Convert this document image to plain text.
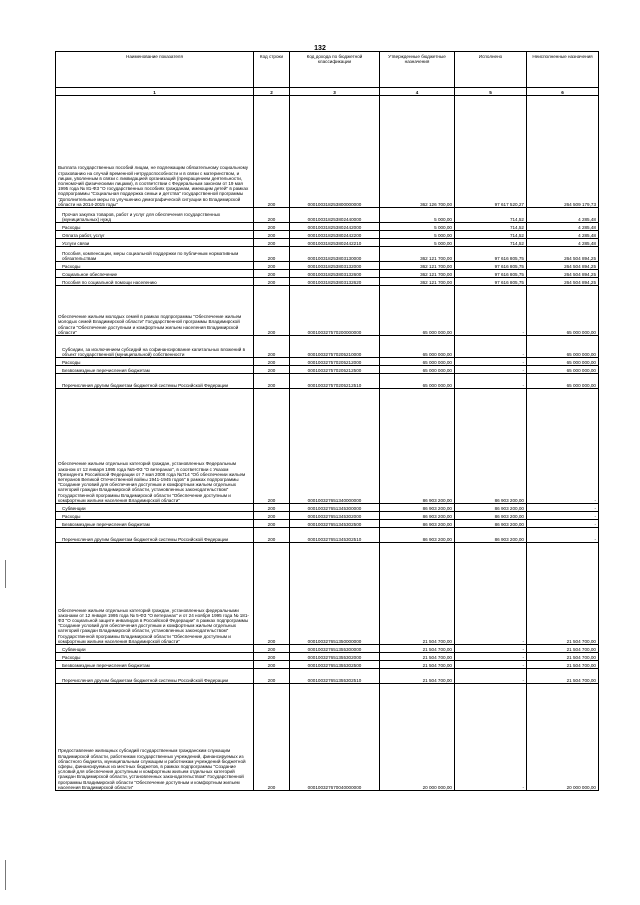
132
Наименование показателя	Код строки	Код дохода по бюджетной классификации	Утвержденные бюджетные назначения	Исполнено	Неисполненные назначения
1	2	3	4	5	6
Выплата государственных пособий лицам, не подлежащим обязательному социальному страхованию на случай временной нетрудоспособности и в связи с материнством, и лицам, уволенным в связи с ликвидацией организаций (прекращением деятельности, полномочий физическими лицами), в соответствии с Федеральным законом от 19 мая 1995 года № 81-ФЗ "О государственных пособиях гражданам, имеющим детей" в рамках подпрограммы "Социальная поддержка семьи и детства" государственной программы "Дополнительные меры по улучшению демографической ситуации во Владимирской области на 2014-2015 годы"	200	000100318253800000000	362 126 700,00	97 617 520,27	264 509 179,73
Прочая закупка товаров, работ и услуг для обеспечения государственных (муниципальных) нужд	200	000100318253802440000	5 000,00	714,52	4 285,48
Расходы	200	000100318253802442000	5 000,00	714,52	4 285,48
Оплата работ, услуг	200	000100318253802442200	5 000,00	714,52	4 285,48
Услуги связи	200	000100318253802442210	5 000,00	714,52	4 285,48
Пособия, компенсации, меры социальной поддержки по публичным нормативным обязательствам	200	000100318253803130000	362 121 700,00	97 616 805,75	264 504 894,25
Расходы	200	000100318253803132000	362 121 700,00	97 616 805,75	264 504 894,25
Социальное обеспечение	200	000100318253803132600	362 121 700,00	97 616 805,75	264 504 894,25
Пособия по социальной помощи населению	200	000100318253803132620	362 121 700,00	97 616 805,75	264 504 894,25
Обеспечение жильем молодых семей в рамках подпрограммы "Обеспечение жильем молодых семей Владимирской области" Государственной программы Владимирской области "Обеспечение доступным и комфортным жильем населения Владимирской области"	200	000100327570200000000	65 000 000,00	-	65 000 000,00
Субсидии, за исключением субсидий на софинансирование капитальных вложений в объект государственной (муниципальной) собственности	200	000100327570205210000	65 000 000,00	-	65 000 000,00
Расходы	200	000100327570205212000	65 000 000,00	-	65 000 000,00
Безвозмездные перечисления бюджетам	200	000100327570205212500	65 000 000,00	-	65 000 000,00
Перечисления другим бюджетам бюджетной системы Российской Федерации	200	000100327570205212510	65 000 000,00	-	65 000 000,00
Обеспечение жильем отдельных категорий граждан, установленных Федеральным законом от 12 января 1995 года №5-ФЗ "О ветеранах", в соответствии с Указом Президента Российской Федерации от 7 мая 2008 года №714 "Об обеспечении жильем ветеранов Великой Отечественной войны 1941-1945 годов" в рамках подпрограммы "Создание условий для обеспечения доступным и комфортным жильем отдельных категорий граждан Владимирской области, установленных законодательством" Государственной программы Владимирской области "Обеспечение доступным и комфортным жильем населения Владимирской области"	200	000100327651340000000	86 903 200,00	86 903 200,00	-
Субвенции	200	000100327651345300000	86 903 200,00	86 903 200,00	-
Расходы	200	000100327651345302000	86 903 200,00	86 903 200,00	-
Безвозмездные перечисления бюджетам	200	000100327651345302500	86 903 200,00	86 903 200,00	-
Перечисления другим бюджетам бюджетной системы Российской Федерации	200	000100327651345302510	86 903 200,00	86 903 200,00	-
Обеспечение жильем отдельных категорий граждан, установленных федеральными законами от 12 января 1995 года № 5-ФЗ "О ветеранах" и от 24 ноября 1995 года № 181-ФЗ "О социальной защите инвалидов в Российской Федерации" в рамках подпрограммы "Создание условий для обеспечения доступным и комфортным жильем отдельных категорий граждан Владимирской области, установленных законодательством" Государственной программы Владимирской области "Обеспечение доступным и комфортным жильем населения Владимирской области"	200	000100327651350000000	21 504 700,00	-	21 504 700,00
Субвенции	200	000100327651355300000	21 504 700,00	-	21 504 700,00
Расходы	200	000100327651355302000	21 504 700,00	-	21 504 700,00
Безвозмездные перечисления бюджетам	200	000100327651355302500	21 504 700,00	-	21 504 700,00
Перечисления другим бюджетам бюджетной системы Российской Федерации	200	000100327651355302510	21 504 700,00	-	21 504 700,00
Предоставление жилищных субсидий государственным гражданским служащим Владимирской области, работникам государственных учреждений, финансируемых из областного бюджета, муниципальным служащим и работникам учреждений бюджетной сферы, финансируемых из местных бюджетов, в рамках подпрограммы "Создание условий для обеспечения доступным и комфортным жильем отдельных категорий граждан Владимирской области, установленных законодательством" Государственной программы Владимирской области "Обеспечение доступным и комфортным жильем населения Владимирской области"	200	000100327670040000000	20 000 000,00	-	20 000 000,00
